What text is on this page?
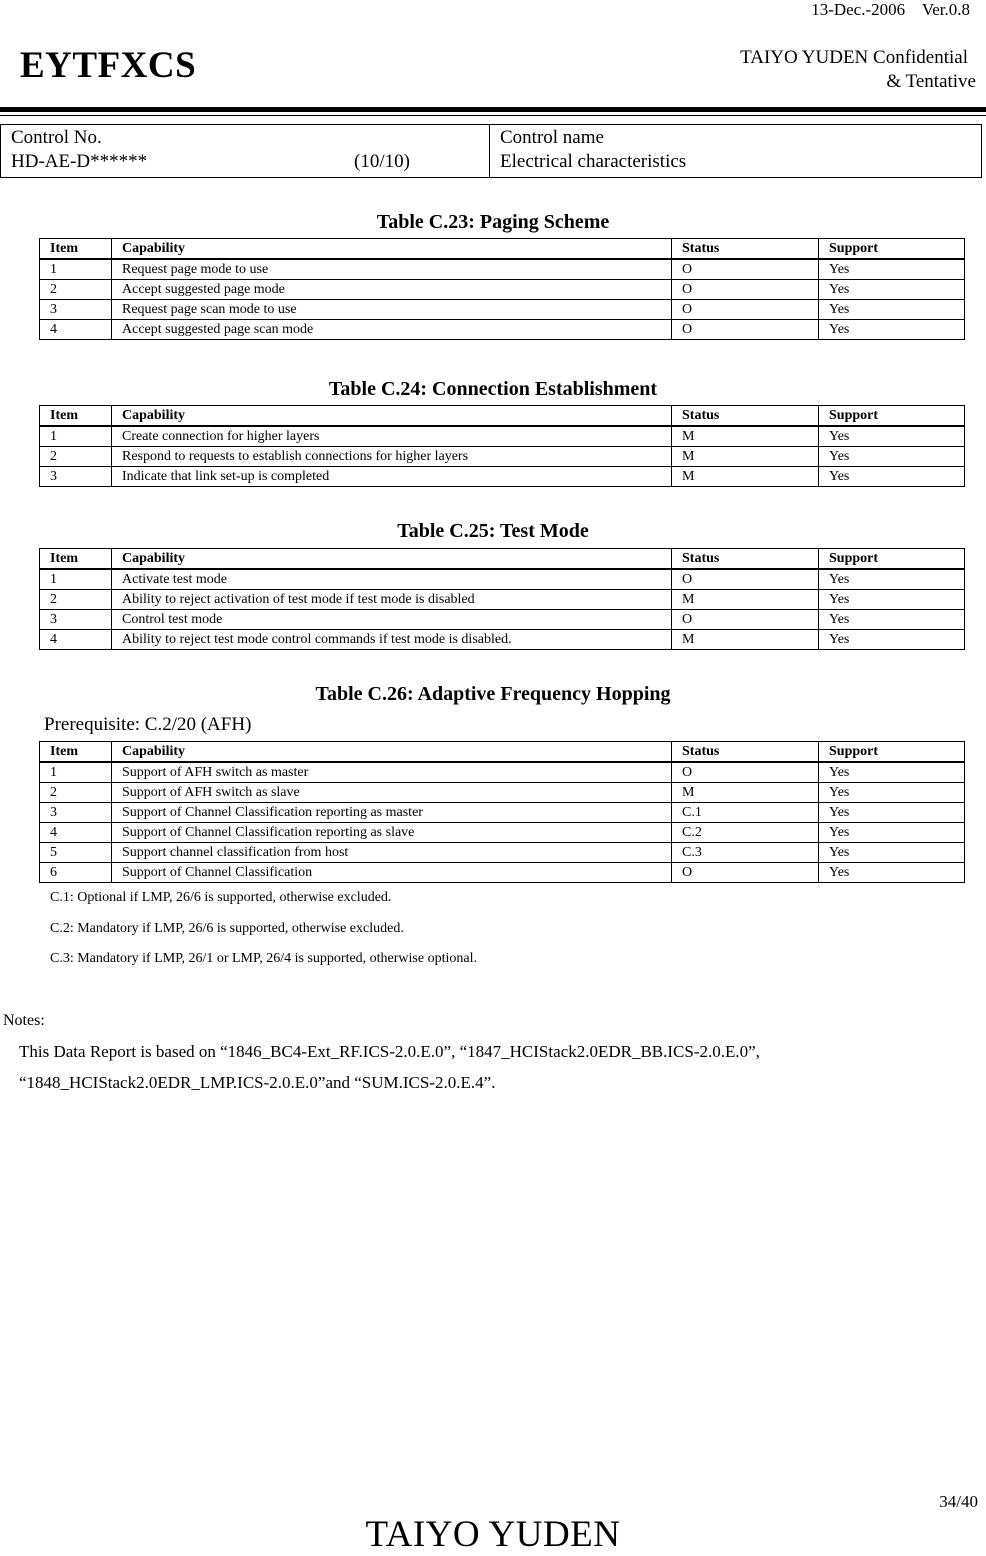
13-Dec.-2006    Ver.0.8
EYTFXCS	TAIYO YUDEN Confidential
& Tentative
Control No.
HD-AE-D******	(10/10)
Control name
Electrical characteristics
Table C.23: Paging Scheme
Table C.24: Connection Establishment
Table C.25: Test Mode
Table C.26: Adaptive Frequency Hopping
Prerequisite: C.2/20 (AFH)
Item	Capability	Status	Support
1	Request page mode to use	O	Yes
2	Accept suggested page mode	O	Yes
3	Request page scan mode to use	O	Yes
4	Accept suggested page scan mode	O	Yes
Item	Capability	Status	Support
1	Create connection for higher layers	M	Yes
2	Respond to requests to establish connections for higher layers	M	Yes
3	Indicate that link set-up is completed	M	Yes
Item	Capability	Status	Support
1	Activate test mode	O	Yes
2	Ability to reject activation of test mode if test mode is disabled	M	Yes
3	Control test mode	O	Yes
4	Ability to reject test mode control commands if test mode is disabled.	M	Yes
Item	Capability	Status	Support
1	Support of AFH switch as master	O	Yes
2	Support of AFH switch as slave	M	Yes
3	Support of Channel Classification reporting as master	C.1	Yes
4	Support of Channel Classification reporting as slave	C.2	Yes
5	Support channel classification from host	C.3	Yes
6	Support of Channel Classification	O	Yes
C.1: Optional if LMP, 26/6 is supported, otherwise excluded.
C.2: Mandatory if LMP, 26/6 is supported, otherwise excluded.
C.3: Mandatory if LMP, 26/1 or LMP, 26/4 is supported, otherwise optional.
Notes:
This Data Report is based on “1846_BC4-Ext_RF.ICS-2.0.E.0”, “1847_HCIStack2.0EDR_BB.ICS-2.0.E.0”,
“1848_HCIStack2.0EDR_LMP.ICS-2.0.E.0”and “SUM.ICS-2.0.E.4”.
34/40
TAIYO YUDEN
